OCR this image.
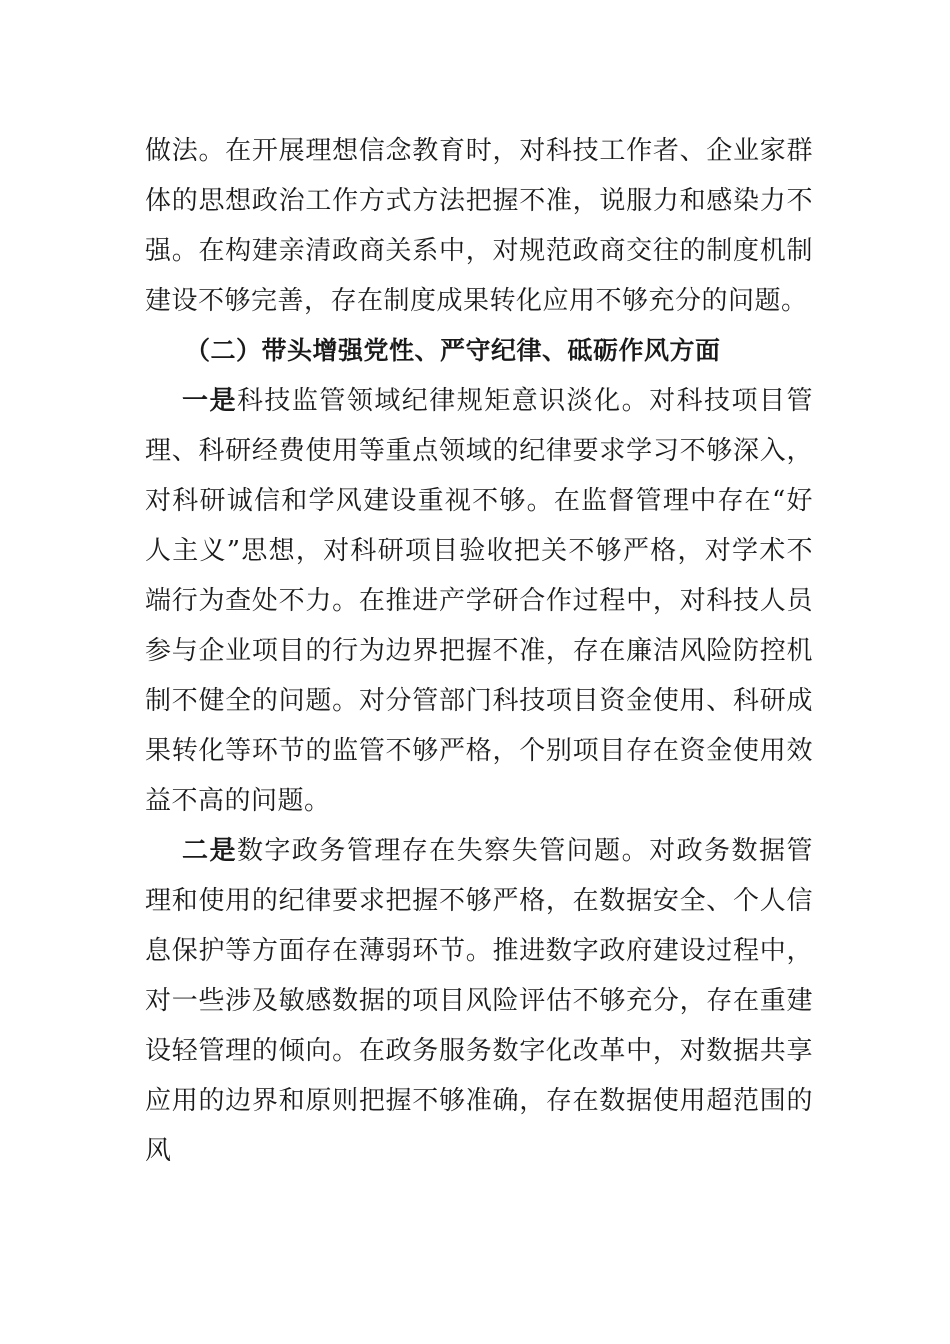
做法。在开展理想信念教育时，对科技工作者、企业家群体的思想政治工作方式方法把握不准，说服力和感染力不强。在构建亲清政商关系中，对规范政商交往的制度机制建设不够完善，存在制度成果转化应用不够充分的问题。

（二）带头增强党性、严守纪律、砥砺作风方面

一是科技监管领域纪律规矩意识淡化。对科技项目管理、科研经费使用等重点领域的纪律要求学习不够深入，对科研诚信和学风建设重视不够。在监督管理中存在“好人主义”思想，对科研项目验收把关不够严格，对学术不端行为查处不力。在推进产学研合作过程中，对科技人员参与企业项目的行为边界把握不准，存在廉洁风险防控机制不健全的问题。对分管部门科技项目资金使用、科研成果转化等环节的监管不够严格，个别项目存在资金使用效益不高的问题。

二是数字政务管理存在失察失管问题。对政务数据管理和使用的纪律要求把握不够严格，在数据安全、个人信息保护等方面存在薄弱环节。推进数字政府建设过程中，对一些涉及敏感数据的项目风险评估不够充分，存在重建设轻管理的倾向。在政务服务数字化改革中，对数据共享应用的边界和原则把握不够准确，存在数据使用超范围的风
